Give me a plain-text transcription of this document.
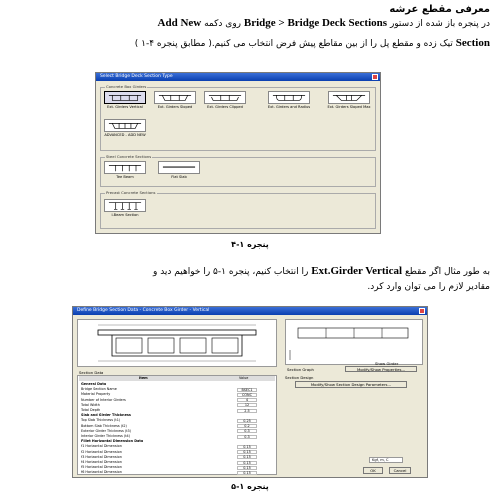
معرفی مقطع عرشه
در پنجره باز شده از دستور Bridge > Bridge Deck Sections روی دکمه Add New
Section تیک زده و مقطع پل را از بین مقاطع پیش فرض انتخاب می کنیم.( مطابق پنجره ۴-۱ )
Select Bridge Deck Section Type
Concrete Box Girders
Steel Concrete Sections
Precast Concrete Sections
Ext. Girders Vertical	Ext. Girders Sloped	Ext. Girders Clipped	Ext. Girders and Radius	Ext. Girders Sloped Max
ADVANCED - ADD NEW
Tee Beam	Flat Slab
I-Beam Section
پنجره ۱-۴
به طور مثال اگر مقطع Ext.Girder Vertical را انتخاب کنیم، پنجره ۱-۵ را خواهیم دید و
مقادیر لازم را می توان وارد کرد.
Define Bridge Section Data - Concrete Box Girder - Vertical
Show Girder
Section Graph	Modify/Show Properties...
Section Data
Item	Value
General Data
Bridge Section Name	BSEC1
Material Property	CONC
Number of Interior Girders	4
Total Width	12
Total Depth	2.5
Slab and Girder Thickness
Top Slab Thickness (t1)	0.25
Bottom Slab Thickness (t2)	0.2
Exterior Girder Thickness (t3)	0.3
Interior Girder Thickness (t4)	0.3
Fillet Horizontal Dimension Data
f1 Horizontal Dimension	0.15
f2 Horizontal Dimension	0.15
f3 Horizontal Dimension	0.15
f4 Horizontal Dimension	0.15
f5 Horizontal Dimension	0.15
f6 Horizontal Dimension	0.15
Section Design
Modify/Show Section Design Parameters...
Kgf, m, C
OK	Cancel
پنجره ۱-۵
